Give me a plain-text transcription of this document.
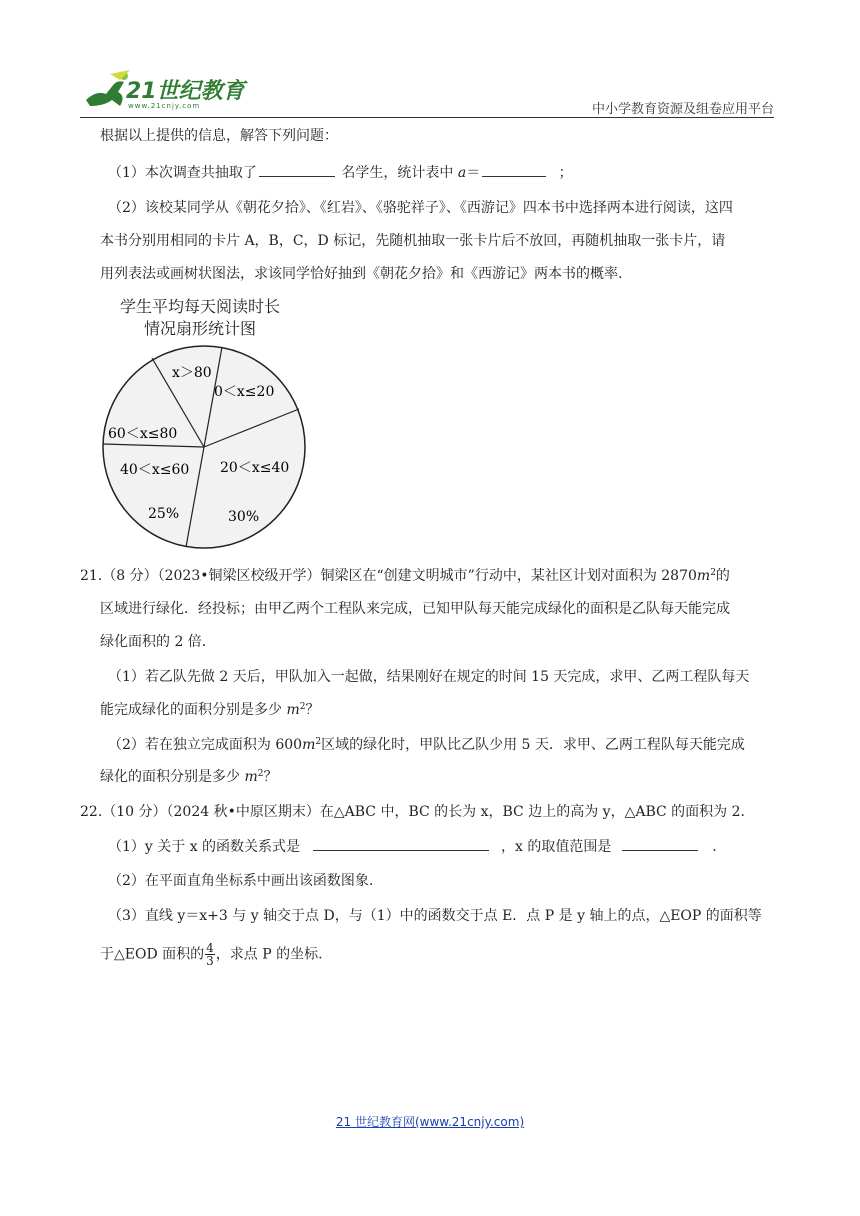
21世纪教育
www.21cnjy.com	中小学教育资源及组卷应用平台
根据以上提供的信息，解答下列问题：
（1）本次调查共抽取了	名学生，统计表中 a＝	；
（2）该校某同学从《朝花夕拾》、《红岩》、《骆驼祥子》、《西游记》四本书中选择两本进行阅读，这四
本书分别用相同的卡片 A，B，C，D 标记，先随机抽取一张卡片后不放回，再随机抽取一张卡片，请
用列表法或画树状图法，求该同学恰好抽到《朝花夕拾》和《西游记》两本书的概率.
学生平均每天阅读时长
情况扇形统计图
x＞80
0＜x≤20
60＜x≤80
40＜x≤60 20＜x≤40
25%	30%
21.（8 分）（2023•铜梁区校级开学）铜梁区在“创建文明城市”行动中，某社区计划对面积为 $2870m^2$的
区域进行绿化．经投标；由甲乙两个工程队来完成，已知甲队每天能完成绿化的面积是乙队每天能完成
绿化面积的 2 倍．
（1）若乙队先做 2 天后，甲队加入一起做，结果刚好在规定的时间 15 天完成，求甲、乙两工程队每天
能完成绿化的面积分别是多少 $m^2$？
（2）若在独立完成面积为 $600m^2$区域的绿化时，甲队比乙队少用 5 天．求甲、乙两工程队每天能完成
绿化的面积分别是多少 $m^2$？
22.（10 分）（2024 秋•中原区期末）在△ABC 中，BC 的长为 x，BC 边上的高为 y，△ABC 的面积为 2.
（1）y 关于 x 的函数关系式是	，x 的取值范围是	.
（2）在平面直角坐标系中画出该函数图象.
（3）直线 y＝x+3 与 y 轴交于点 D，与（1）中的函数交于点 E．点 P 是 y 轴上的点，△EOP 的面积等
于△EOD 面积的 $\frac{4}{3}$ ，求点 P 的坐标.
21 世纪教育网(www.21cnjy.com)
